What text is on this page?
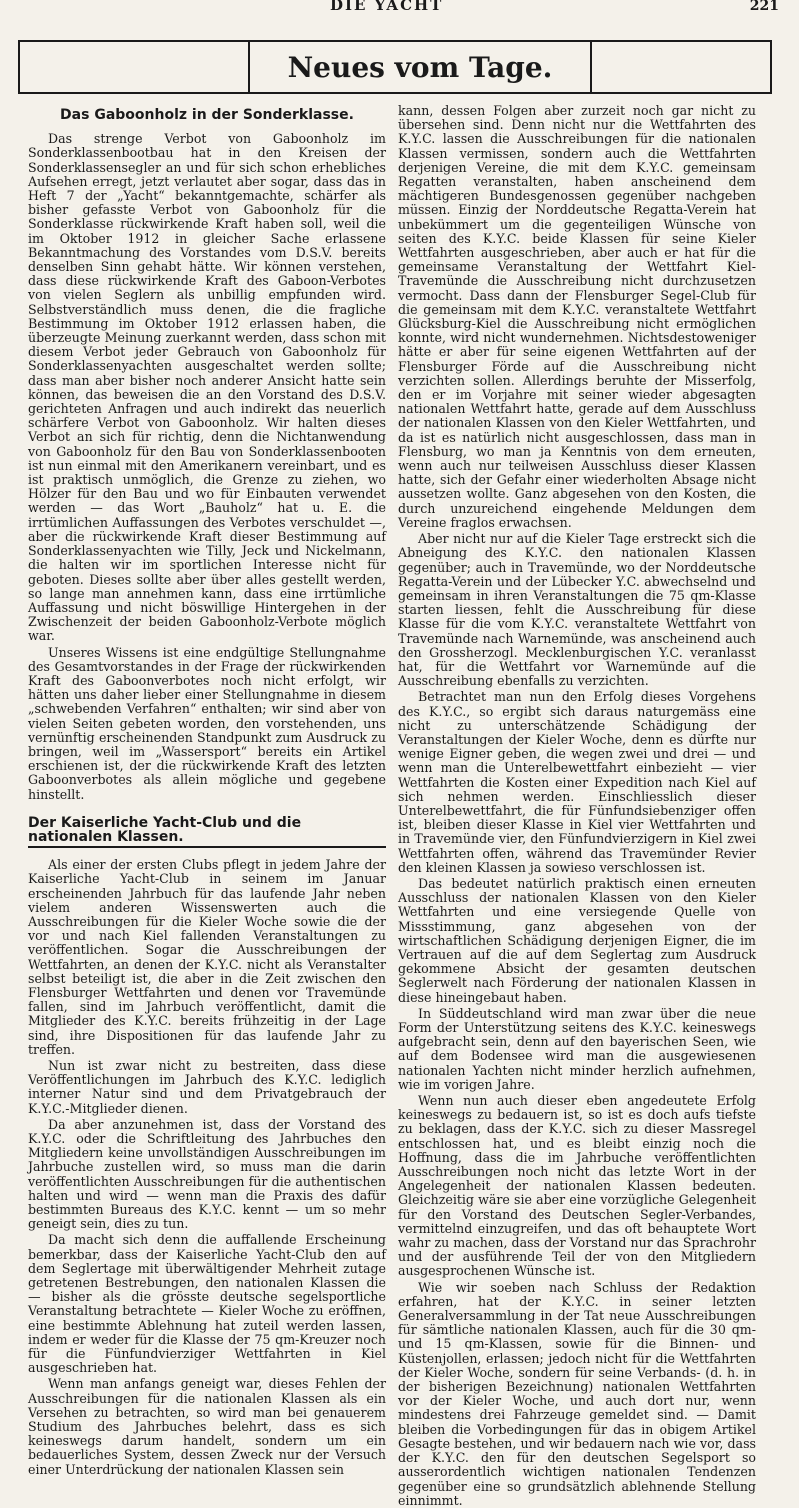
DIE YACHT	221
Neues vom Tage.
Das Gaboonholz in der Sonderklasse.

Das strenge Verbot von Gaboonholz im Sonderklassenbootbau hat in den Kreisen der Sonderklassensegler an und für sich schon erhebliches Aufsehen erregt, jetzt verlautet aber sogar, dass das in Heft 7 der „Yacht“ bekanntgemachte, schärfer als bisher gefasste Verbot von Gaboonholz für die Sonderklasse rückwirkende Kraft haben soll, weil die im Oktober 1912 in gleicher Sache erlassene Bekanntmachung des Vorstandes vom D.S.V. bereits denselben Sinn gehabt hätte. Wir können verstehen, dass diese rückwirkende Kraft des Gaboon-Verbotes von vielen Seglern als unbillig empfunden wird. Selbstverständlich muss denen, die die fragliche Bestimmung im Oktober 1912 erlassen haben, die überzeugte Meinung zuerkannt werden, dass schon mit diesem Verbot jeder Gebrauch von Gaboonholz für Sonderklassenyachten ausgeschaltet werden sollte; dass man aber bisher noch anderer Ansicht hatte sein können, das beweisen die an den Vorstand des D.S.V. gerichteten Anfragen und auch indirekt das neuerlich schärfere Verbot von Gaboonholz. Wir halten dieses Verbot an sich für richtig, denn die Nichtanwendung von Gaboonholz für den Bau von Sonderklassenbooten ist nun einmal mit den Amerikanern vereinbart, und es ist praktisch unmöglich, die Grenze zu ziehen, wo Hölzer für den Bau und wo für Einbauten verwendet werden — das Wort „Bauholz“ hat u. E. die irrtümlichen Auffassungen des Verbotes verschuldet —, aber die rückwirkende Kraft dieser Bestimmung auf Sonderklassenyachten wie Tilly, Jeck und Nickelmann, die halten wir im sportlichen Interesse nicht für geboten. Dieses sollte aber über alles gestellt werden, so lange man annehmen kann, dass eine irrtümliche Auffassung und nicht böswillige Hintergehen in der Zwischenzeit der beiden Gaboonholz-Verbote möglich war.

Unseres Wissens ist eine endgültige Stellungnahme des Gesamtvorstandes in der Frage der rückwirkenden Kraft des Gaboonverbotes noch nicht erfolgt, wir hätten uns daher lieber einer Stellungnahme in diesem „schwebenden Verfahren“ enthalten; wir sind aber von vielen Seiten gebeten worden, den vorstehenden, uns vernünftig erscheinenden Standpunkt zum Ausdruck zu bringen, weil im „Wassersport“ bereits ein Artikel erschienen ist, der die rückwirkende Kraft des letzten Gaboonverbotes als allein mögliche und gegebene hinstellt.

Der Kaiserliche Yacht-Club und die nationalen Klassen.

Als einer der ersten Clubs pflegt in jedem Jahre der Kaiserliche Yacht-Club in seinem im Januar erscheinenden Jahrbuch für das laufende Jahr neben vielem anderen Wissenswerten auch die Ausschreibungen für die Kieler Woche sowie die der vor und nach Kiel fallenden Veranstaltungen zu veröffentlichen. Sogar die Ausschreibungen der Wettfahrten, an denen der K.Y.C. nicht als Veranstalter selbst beteiligt ist, die aber in die Zeit zwischen den Flensburger Wettfahrten und denen vor Travemünde fallen, sind im Jahrbuch veröffentlicht, damit die Mitglieder des K.Y.C. bereits frühzeitig in der Lage sind, ihre Dispositionen für das laufende Jahr zu treffen.

Nun ist zwar nicht zu bestreiten, dass diese Veröffentlichungen im Jahrbuch des K.Y.C. lediglich interner Natur sind und dem Privatgebrauch der K.Y.C.-Mitglieder dienen.

Da aber anzunehmen ist, dass der Vorstand des K.Y.C. oder die Schriftleitung des Jahrbuches den Mitgliedern keine unvollständigen Ausschreibungen im Jahrbuche zustellen wird, so muss man die darin veröffentlichten Ausschreibungen für die authentischen halten und wird — wenn man die Praxis des dafür bestimmten Bureaus des K.Y.C. kennt — um so mehr geneigt sein, dies zu tun.

Da macht sich denn die auffallende Erscheinung bemerkbar, dass der Kaiserliche Yacht-Club den auf dem Seglertage mit überwältigender Mehrheit zutage getretenen Bestrebungen, den nationalen Klassen die — bisher als die grösste deutsche segelsportliche Veranstaltung betrachtete — Kieler Woche zu eröffnen, eine bestimmte Ablehnung hat zuteil werden lassen, indem er weder für die Klasse der 75 qm-Kreuzer noch für die Fünfundvierziger Wettfahrten in Kiel ausgeschrieben hat.

Wenn man anfangs geneigt war, dieses Fehlen der Ausschreibungen für die nationalen Klassen als ein Versehen zu betrachten, so wird man bei genauerem Studium des Jahrbuches belehrt, dass es sich keineswegs darum handelt, sondern um ein bedauerliches System, dessen Zweck nur der Versuch einer Unterdrückung der nationalen Klassen sein

kann, dessen Folgen aber zurzeit noch gar nicht zu übersehen sind. Denn nicht nur die Wettfahrten des K.Y.C. lassen die Ausschreibungen für die nationalen Klassen vermissen, sondern auch die Wettfahrten derjenigen Vereine, die mit dem K.Y.C. gemeinsam Regatten veranstalten, haben anscheinend dem mächtigeren Bundesgenossen gegenüber nachgeben müssen. Einzig der Norddeutsche Regatta-Verein hat unbekümmert um die gegenteiligen Wünsche von seiten des K.Y.C. beide Klassen für seine Kieler Wettfahrten ausgeschrieben, aber auch er hat für die gemeinsame Veranstaltung der Wettfahrt Kiel-Travemünde die Ausschreibung nicht durchzusetzen vermocht. Dass dann der Flensburger Segel-Club für die gemeinsam mit dem K.Y.C. veranstaltete Wettfahrt Glücksburg-Kiel die Ausschreibung nicht ermöglichen konnte, wird nicht wundernehmen. Nichtsdestoweniger hätte er aber für seine eigenen Wettfahrten auf der Flensburger Förde auf die Ausschreibung nicht verzichten sollen. Allerdings beruhte der Misserfolg, den er im Vorjahre mit seiner wieder abgesagten nationalen Wettfahrt hatte, gerade auf dem Ausschluss der nationalen Klassen von den Kieler Wettfahrten, und da ist es natürlich nicht ausgeschlossen, dass man in Flensburg, wo man ja Kenntnis von dem erneuten, wenn auch nur teilweisen Ausschluss dieser Klassen hatte, sich der Gefahr einer wiederholten Absage nicht aussetzen wollte. Ganz abgesehen von den Kosten, die durch unzureichend eingehende Meldungen dem Vereine fraglos erwachsen.

Aber nicht nur auf die Kieler Tage erstreckt sich die Abneigung des K.Y.C. den nationalen Klassen gegenüber; auch in Travemünde, wo der Norddeutsche Regatta-Verein und der Lübecker Y.C. abwechselnd und gemeinsam in ihren Veranstaltungen die 75 qm-Klasse starten liessen, fehlt die Ausschreibung für diese Klasse für die vom K.Y.C. veranstaltete Wettfahrt von Travemünde nach Warnemünde, was anscheinend auch den Grossherzogl. Mecklenburgischen Y.C. veranlasst hat, für die Wettfahrt vor Warnemünde auf die Ausschreibung ebenfalls zu verzichten.

Betrachtet man nun den Erfolg dieses Vorgehens des K.Y.C., so ergibt sich daraus naturgemäss eine nicht zu unterschätzende Schädigung der Veranstaltungen der Kieler Woche, denn es dürfte nur wenige Eigner geben, die wegen zwei und drei — und wenn man die Unterelbewettfahrt einbezieht — vier Wettfahrten die Kosten einer Expedition nach Kiel auf sich nehmen werden. Einschliesslich dieser Unterelbewettfahrt, die für Fünfundsiebenziger offen ist, bleiben dieser Klasse in Kiel vier Wettfahrten und in Travemünde vier, den Fünfundvierzigern in Kiel zwei Wettfahrten offen, während das Travemünder Revier den kleinen Klassen ja sowieso verschlossen ist.

Das bedeutet natürlich praktisch einen erneuten Ausschluss der nationalen Klassen von den Kieler Wettfahrten und eine versiegende Quelle von Missstimmung, ganz abgesehen von der wirtschaftlichen Schädigung derjenigen Eigner, die im Vertrauen auf die auf dem Seglertag zum Ausdruck gekommene Absicht der gesamten deutschen Seglerwelt nach Förderung der nationalen Klassen in diese hineingebaut haben.

In Süddeutschland wird man zwar über die neue Form der Unterstützung seitens des K.Y.C. keineswegs aufgebracht sein, denn auf den bayerischen Seen, wie auf dem Bodensee wird man die ausgewiesenen nationalen Yachten nicht minder herzlich aufnehmen, wie im vorigen Jahre.

Wenn nun auch dieser eben angedeutete Erfolg keineswegs zu bedauern ist, so ist es doch aufs tiefste zu beklagen, dass der K.Y.C. sich zu dieser Massregel entschlossen hat, und es bleibt einzig noch die Hoffnung, dass die im Jahrbuche veröffentlichten Ausschreibungen noch nicht das letzte Wort in der Angelegenheit der nationalen Klassen bedeuten. Gleichzeitig wäre sie aber eine vorzügliche Gelegenheit für den Vorstand des Deutschen Segler-Verbandes, vermittelnd einzugreifen, und das oft behauptete Wort wahr zu machen, dass der Vorstand nur das Sprachrohr und der ausführende Teil der von den Mitgliedern ausgesprochenen Wünsche ist.

Wie wir soeben nach Schluss der Redaktion erfahren, hat der K.Y.C. in seiner letzten Generalversammlung in der Tat neue Ausschreibungen für sämtliche nationalen Klassen, auch für die 30 qm- und 15 qm-Klassen, sowie für die Binnen- und Küstenjollen, erlassen; jedoch nicht für die Wettfahrten der Kieler Woche, sondern für seine Verbands- (d. h. in der bisherigen Bezeichnung) nationalen Wettfahrten vor der Kieler Woche, und auch dort nur, wenn mindestens drei Fahrzeuge gemeldet sind. — Damit bleiben die Vorbedingungen für das in obigem Artikel Gesagte bestehen, und wir bedauern nach wie vor, dass der K.Y.C. den für den deutschen Segelsport so ausserordentlich wichtigen nationalen Tendenzen gegenüber eine so grundsätzlich ablehnende Stellung einnimmt.
